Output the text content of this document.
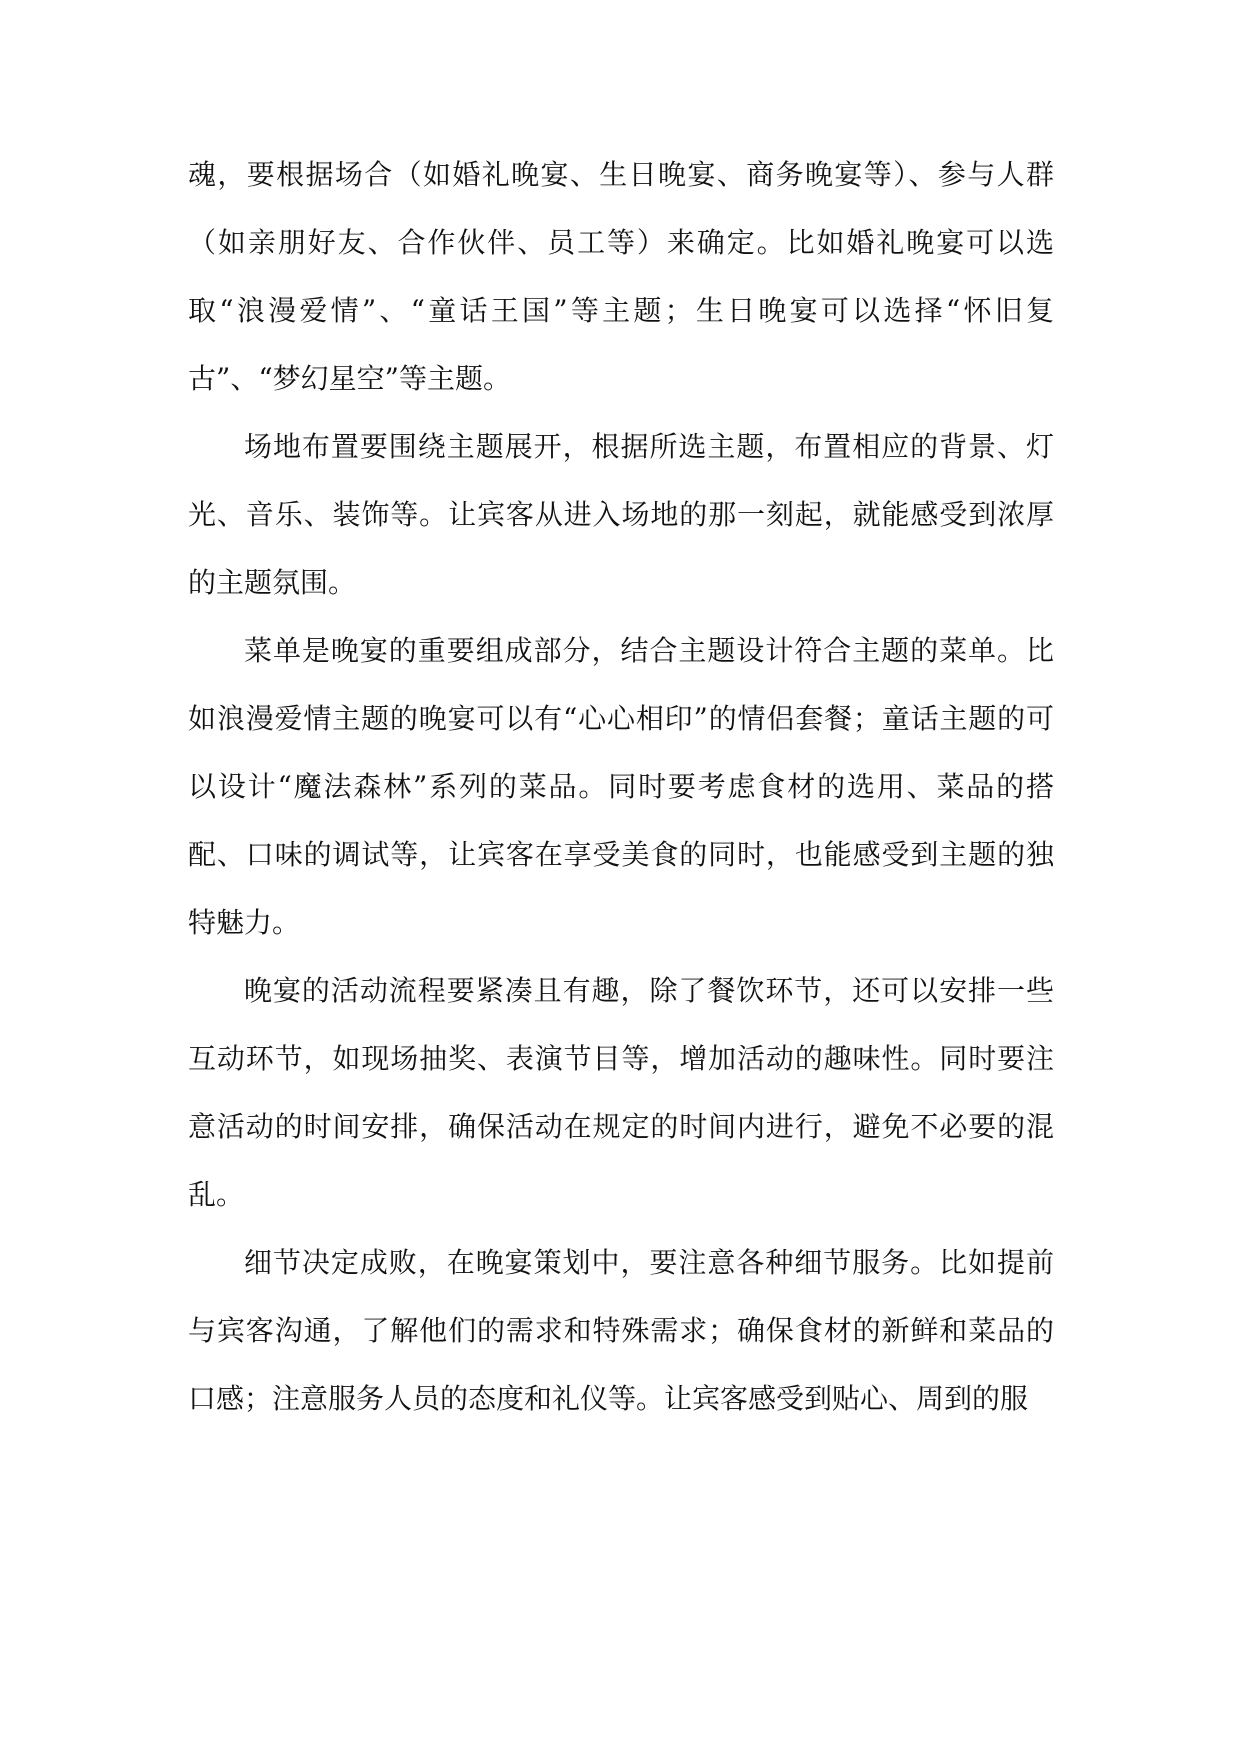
魂，要根据场合（如婚礼晚宴、生日晚宴、商务晚宴等）、参与人群（如亲朋好友、合作伙伴、员工等）来确定。比如婚礼晚宴可以选取“浪漫爱情”、“童话王国”等主题；生日晚宴可以选择“怀旧复古”、“梦幻星空”等主题。

场地布置要围绕主题展开，根据所选主题，布置相应的背景、灯光、音乐、装饰等。让宾客从进入场地的那一刻起，就能感受到浓厚的主题氛围。

菜单是晚宴的重要组成部分，结合主题设计符合主题的菜单。比如浪漫爱情主题的晚宴可以有“心心相印”的情侣套餐；童话主题的可以设计“魔法森林”系列的菜品。同时要考虑食材的选用、菜品的搭配、口味的调试等，让宾客在享受美食的同时，也能感受到主题的独特魅力。

晚宴的活动流程要紧凑且有趣，除了餐饮环节，还可以安排一些互动环节，如现场抽奖、表演节目等，增加活动的趣味性。同时要注意活动的时间安排，确保活动在规定的时间内进行，避免不必要的混乱。

细节决定成败，在晚宴策划中，要注意各种细节服务。比如提前与宾客沟通，了解他们的需求和特殊需求；确保食材的新鲜和菜品的口感；注意服务人员的态度和礼仪等。让宾客感受到贴心、周到的服
